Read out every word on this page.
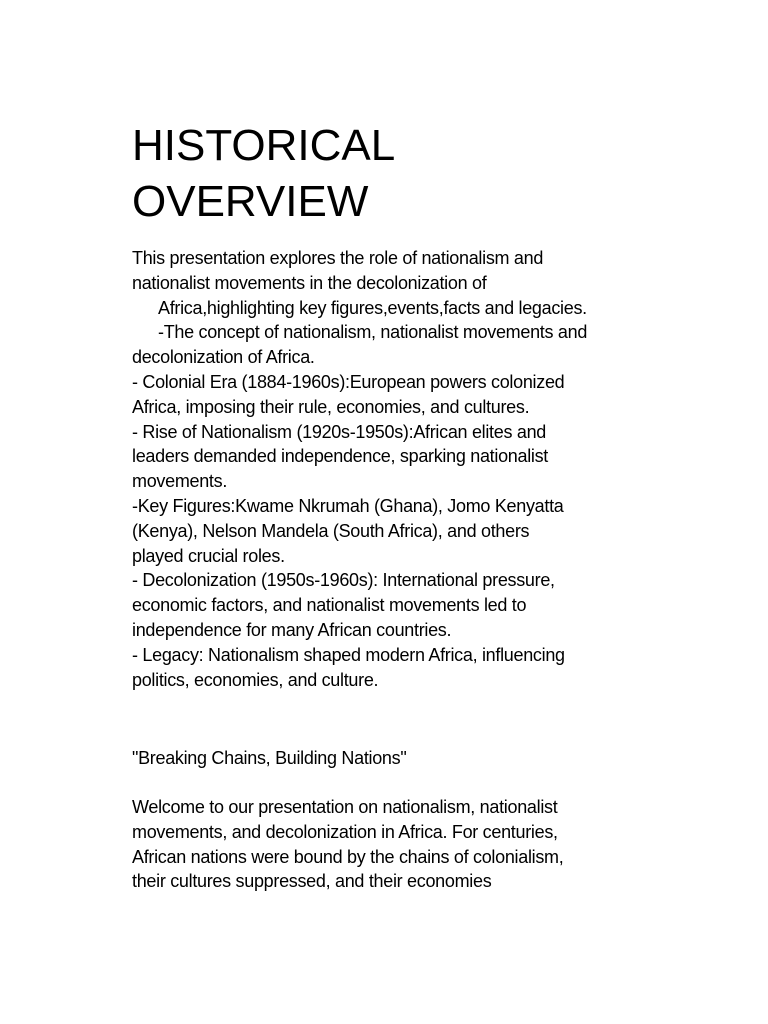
HISTORICAL
OVERVIEW
This presentation explores the role of nationalism and
nationalist movements in the decolonization of
Africa,highlighting key figures,events,facts and legacies.
-The concept of nationalism, nationalist movements and
decolonization of Africa.
- Colonial Era (1884-1960s):European powers colonized
Africa, imposing their rule, economies, and cultures.
- Rise of Nationalism (1920s-1950s):African elites and
leaders demanded independence, sparking nationalist
movements.
-Key Figures:Kwame Nkrumah (Ghana), Jomo Kenyatta
(Kenya), Nelson Mandela (South Africa), and others
played crucial roles.
- Decolonization (1950s-1960s): International pressure,
economic factors, and nationalist movements led to
independence for many African countries.
- Legacy: Nationalism shaped modern Africa, influencing
politics, economies, and culture.
"Breaking Chains, Building Nations"
Welcome to our presentation on nationalism, nationalist
movements, and decolonization in Africa. For centuries,
African nations were bound by the chains of colonialism,
their cultures suppressed, and their economies
